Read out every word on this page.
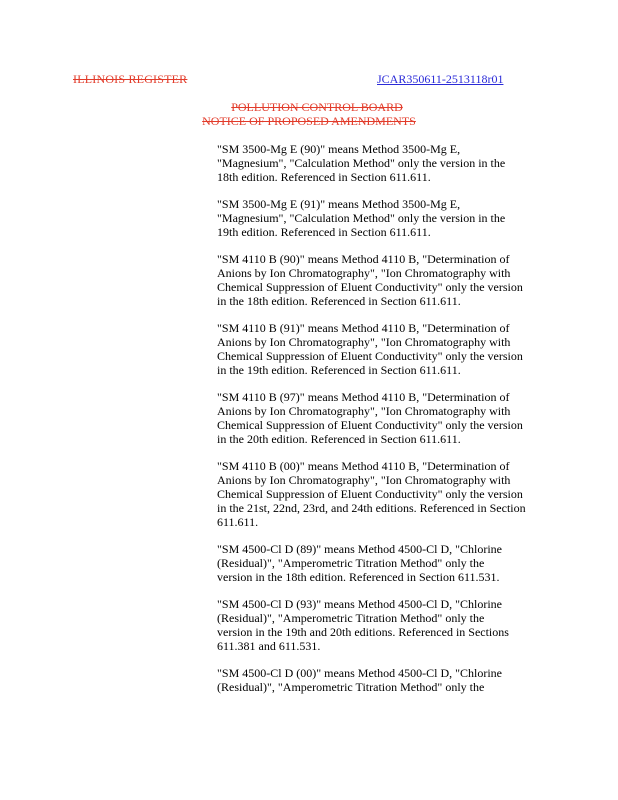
ILLINOIS REGISTER	JCAR350611-2513118r01
POLLUTION CONTROL BOARD
NOTICE OF PROPOSED AMENDMENTS

"SM 3500-Mg E (90)" means Method 3500-Mg E,

"Magnesium", "Calculation Method" only the version in the

18th edition. Referenced in Section 611.611.

"SM 3500-Mg E (91)" means Method 3500-Mg E,

"Magnesium", "Calculation Method" only the version in the

19th edition. Referenced in Section 611.611.

"SM 4110 B (90)" means Method 4110 B, "Determination of

Anions by Ion Chromatography", "Ion Chromatography with

Chemical Suppression of Eluent Conductivity" only the version

in the 18th edition. Referenced in Section 611.611.

"SM 4110 B (91)" means Method 4110 B, "Determination of

Anions by Ion Chromatography", "Ion Chromatography with

Chemical Suppression of Eluent Conductivity" only the version

in the 19th edition. Referenced in Section 611.611.

"SM 4110 B (97)" means Method 4110 B, "Determination of

Anions by Ion Chromatography", "Ion Chromatography with

Chemical Suppression of Eluent Conductivity" only the version

in the 20th edition. Referenced in Section 611.611.

"SM 4110 B (00)" means Method 4110 B, "Determination of

Anions by Ion Chromatography", "Ion Chromatography with

Chemical Suppression of Eluent Conductivity" only the version

in the 21st, 22nd, 23rd, and 24th editions. Referenced in Section

611.611.

"SM 4500-Cl D (89)" means Method 4500-Cl D, "Chlorine

(Residual)", "Amperometric Titration Method" only the

version in the 18th edition. Referenced in Section 611.531.

"SM 4500-Cl D (93)" means Method 4500-Cl D, "Chlorine

(Residual)", "Amperometric Titration Method" only the

version in the 19th and 20th editions. Referenced in Sections

611.381 and 611.531.

"SM 4500-Cl D (00)" means Method 4500-Cl D, "Chlorine

(Residual)", "Amperometric Titration Method" only the
